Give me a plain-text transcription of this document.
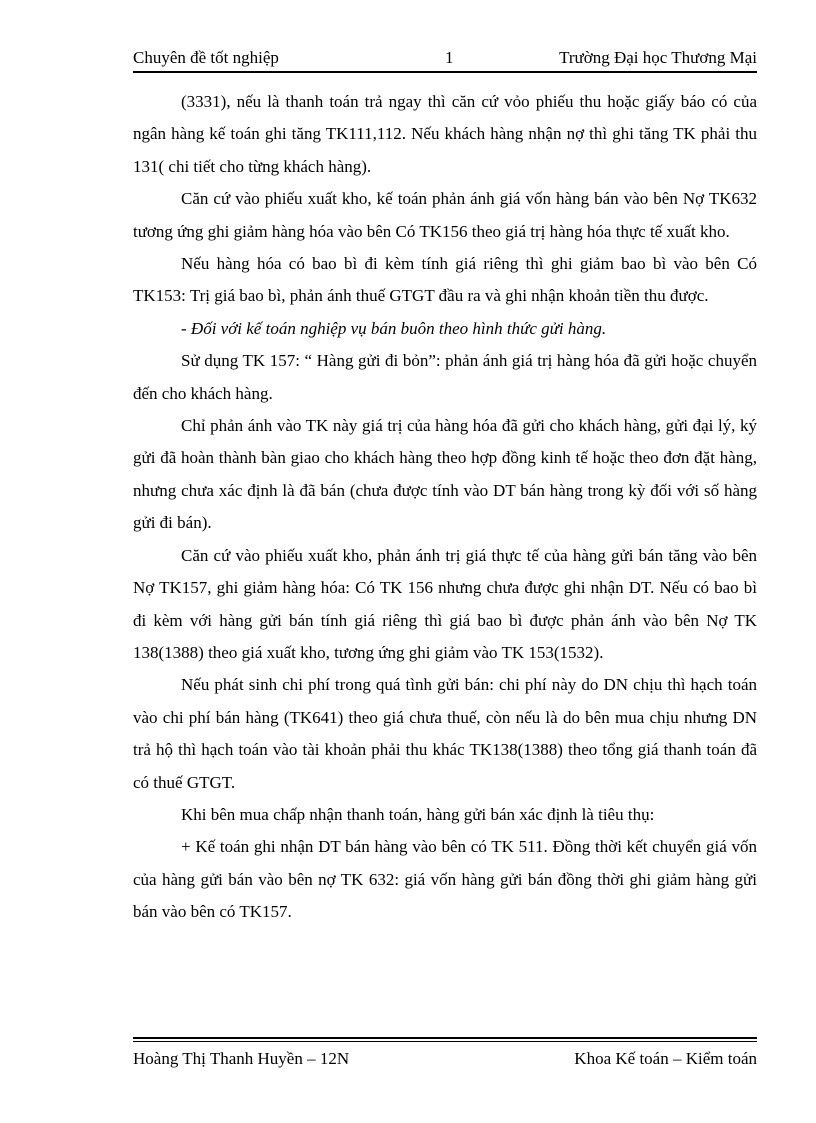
Chuyên đề tốt nghiệp	1	Trường Đại học Thương Mại

(3331), nếu là thanh toán trả ngay thì căn cứ vỏo phiếu thu hoặc giấy báo có của ngân hàng kế toán ghi tăng TK111,112. Nếu khách hàng nhận nợ thì ghi tăng TK phải thu 131( chi tiết cho từng khách hàng).

Căn cứ vào phiếu xuất kho, kế toán phản ánh giá vốn hàng bán vào bên Nợ TK632 tương ứng ghi giảm hàng hóa vào bên Có TK156 theo giá trị hàng hóa thực tế xuất kho.

Nếu hàng hóa có bao bì đi kèm tính giá riêng thì ghi giảm bao bì vào bên Có TK153: Trị giá bao bì, phản ánh thuế GTGT đầu ra và ghi nhận khoản tiền thu được.

- Đối với kế toán nghiệp vụ bán buôn theo hình thức gửi hàng.

Sử dụng TK 157: “ Hàng gửi đi bỏn”: phản ánh giá trị hàng hóa đã gửi hoặc chuyển đến cho khách hàng.

Chỉ phản ánh vào TK này giá trị của hàng hóa đã gửi cho khách hàng, gửi đại lý, ký gửi đã hoàn thành bàn giao cho khách hàng theo hợp đồng kinh tế hoặc theo đơn đặt hàng, nhưng chưa xác định là đã bán (chưa được tính vào DT bán hàng trong kỳ đối với số hàng gửi đi bán).

Căn cứ vào phiếu xuất kho, phản ánh trị giá thực tế của hàng gửi bán tăng vào bên Nợ TK157, ghi giảm hàng hóa: Có TK 156 nhưng chưa được ghi nhận DT. Nếu có bao bì đi kèm với hàng gửi bán tính giá riêng thì giá bao bì được phản ánh vào bên Nợ TK 138(1388) theo giá xuất kho, tương ứng ghi giảm vào TK 153(1532).

Nếu phát sinh chi phí trong quá tình gửi bán: chi phí này do DN chịu thì hạch toán vào chi phí bán hàng (TK641) theo giá chưa thuế, còn nếu là do bên mua chịu nhưng DN trả hộ thì hạch toán vào tài khoản phải thu khác TK138(1388) theo tổng giá thanh toán đã có thuế GTGT.

Khi bên mua chấp nhận thanh toán, hàng gửi bán xác định là tiêu thụ:

+ Kế toán ghi nhận DT bán hàng vào bên có TK 511. Đồng thời kết chuyển giá vốn của hàng gửi bán vào bên nợ TK 632: giá vốn hàng gửi bán đồng thời ghi giảm hàng gửi bán vào bên có TK157.

Hoàng Thị Thanh Huyền – 12N	Khoa Kế toán – Kiểm toán
